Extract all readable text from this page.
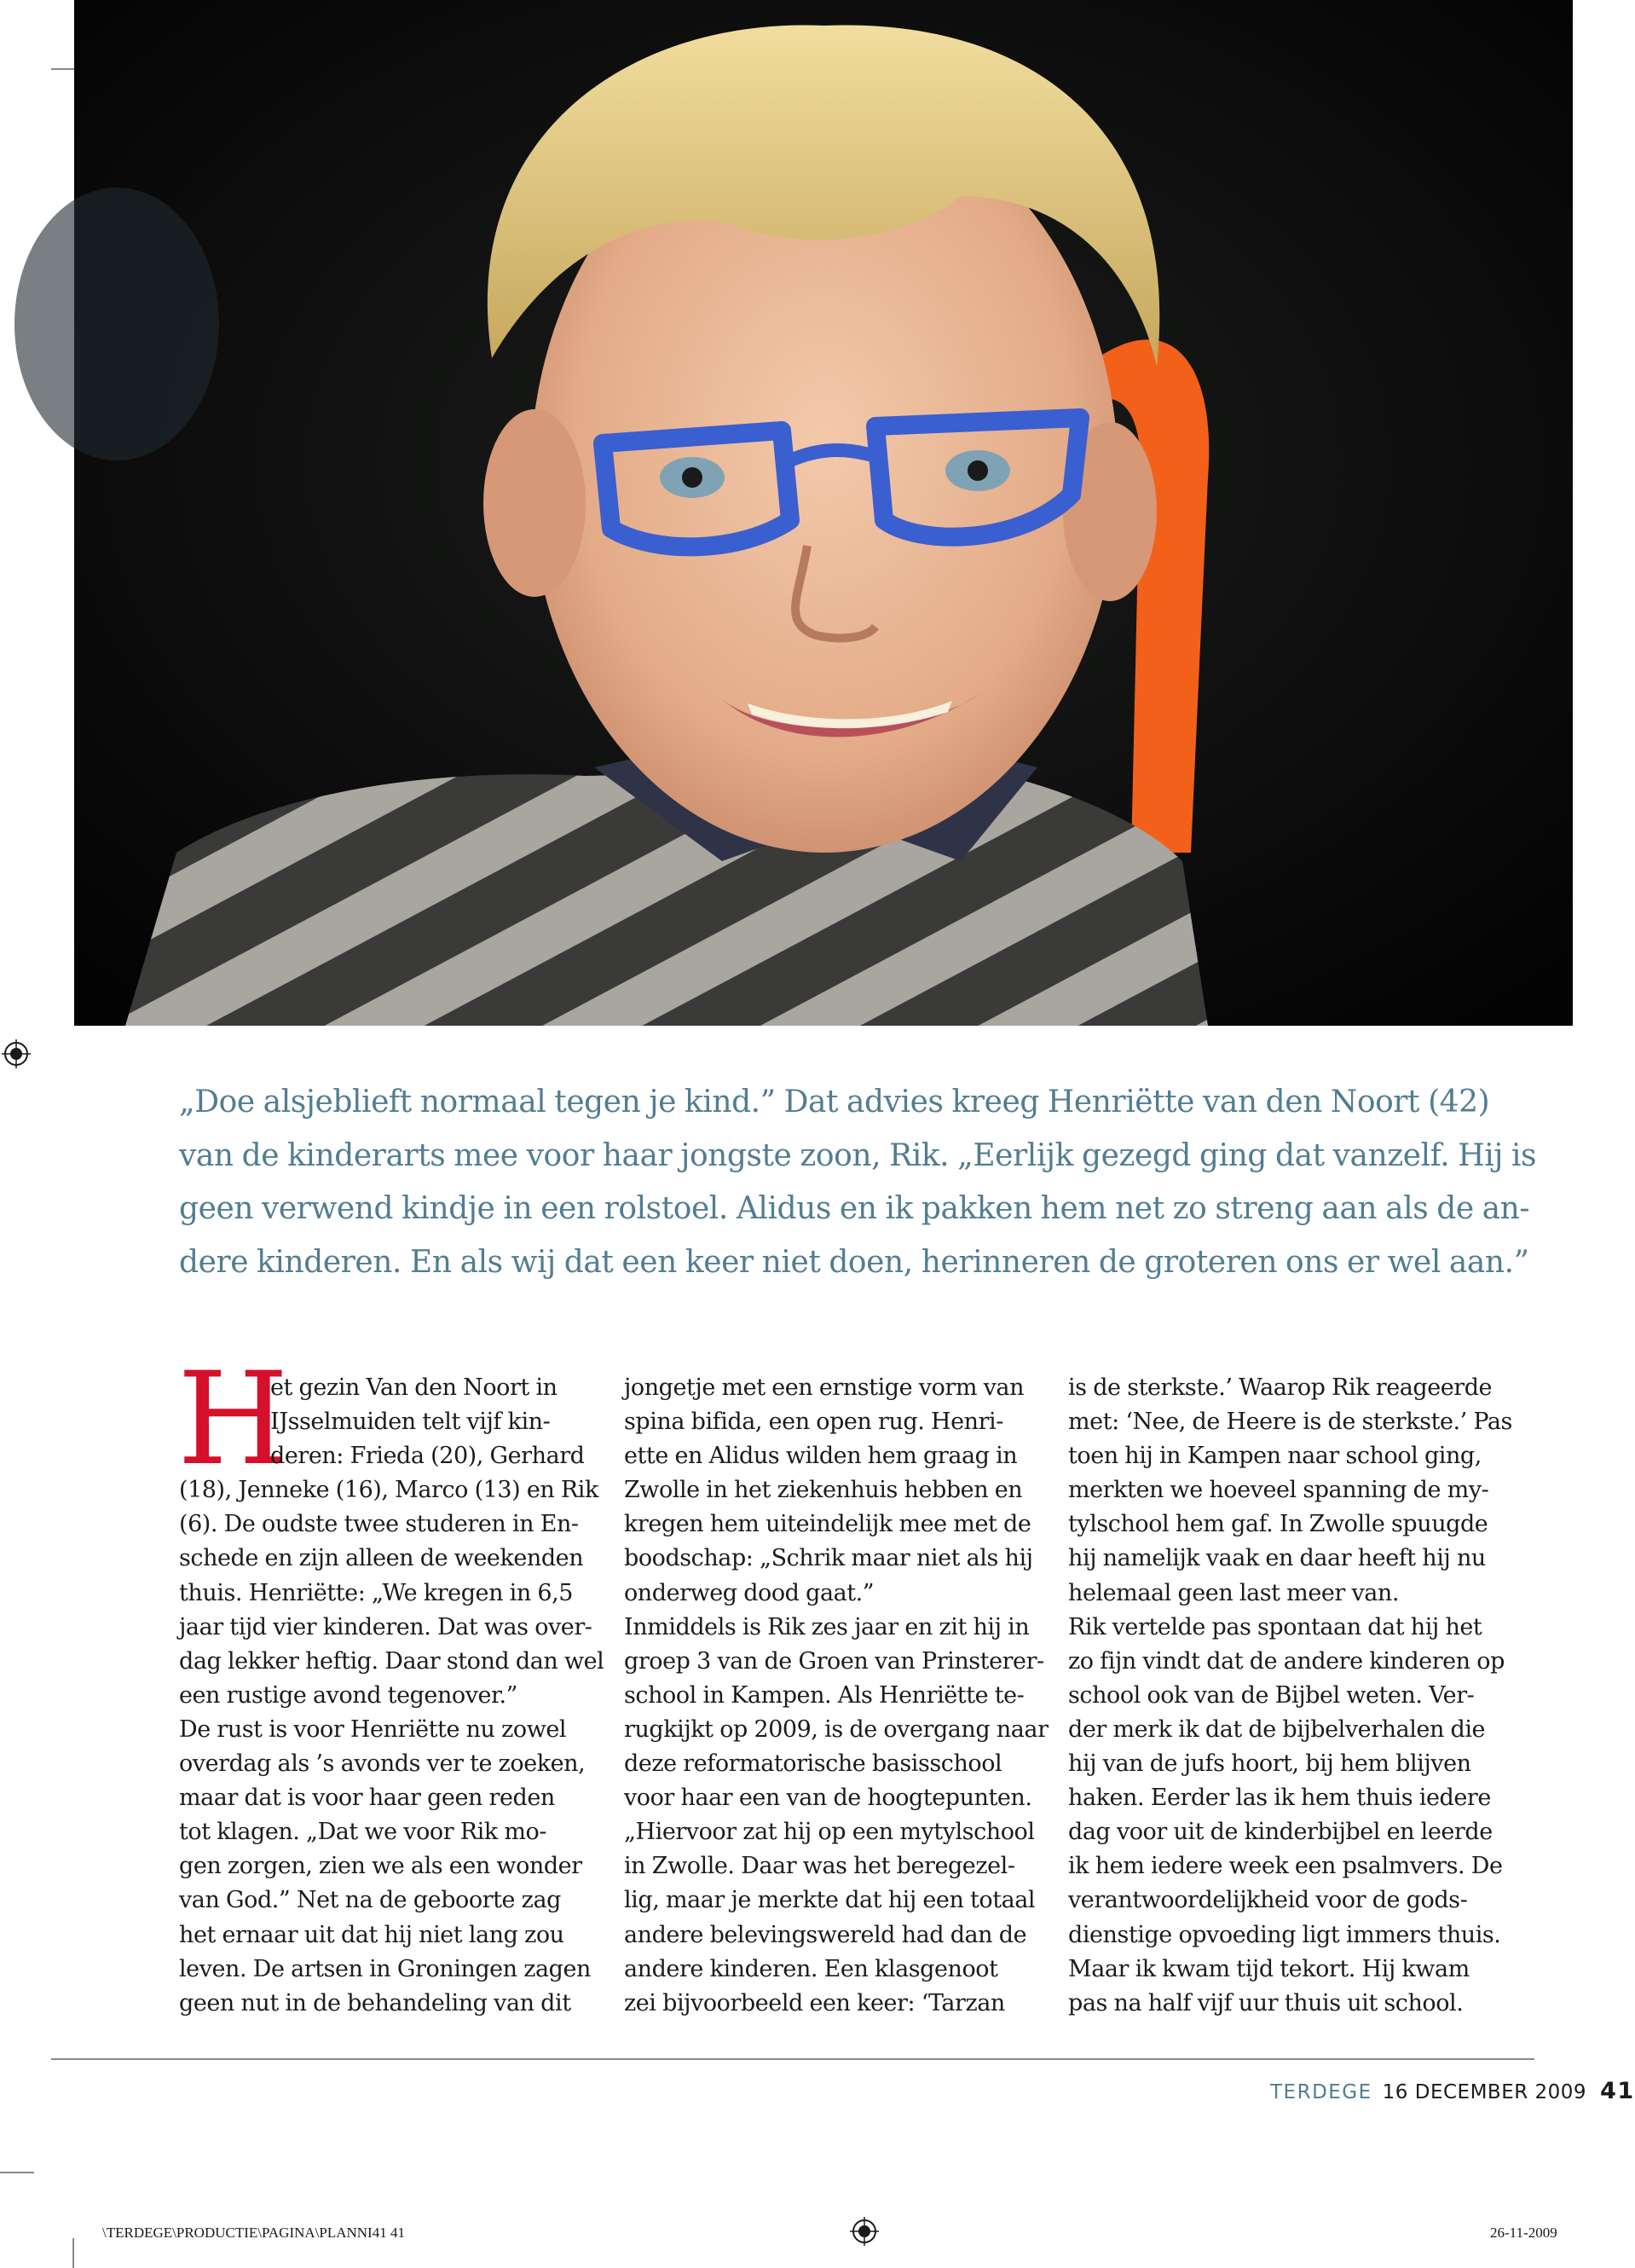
„Doe alsjeblieft normaal tegen je kind.” Dat advies kreeg Henriëtte van den Noort (42)
van de kinderarts mee voor haar jongste zoon, Rik. „Eerlijk gezegd ging dat vanzelf. Hij is
geen verwend kindje in een rolstoel. Alidus en ik pakken hem net zo streng aan als de an-
dere kinderen. En als wij dat een keer niet doen, herinneren de groteren ons er wel aan.”
H
et gezin Van den Noort in
IJsselmuiden telt vijf kin-
deren: Frieda (20), Gerhard
(18), Jenneke (16), Marco (13) en Rik
(6). De oudste twee studeren in En-
schede en zijn alleen de weekenden
thuis. Henriëtte: „We kregen in 6,5
jaar tijd vier kinderen. Dat was over-
dag lekker heftig. Daar stond dan wel
een rustige avond tegenover.”
De rust is voor Henriëtte nu zowel
overdag als ’s avonds ver te zoeken,
maar dat is voor haar geen reden
tot klagen. „Dat we voor Rik mo-
gen zorgen, zien we als een wonder
van God.” Net na de geboorte zag
het ernaar uit dat hij niet lang zou
leven. De artsen in Groningen zagen
geen nut in de behandeling van dit
jongetje met een ernstige vorm van
spina bifida, een open rug. Henri-
ette en Alidus wilden hem graag in
Zwolle in het ziekenhuis hebben en
kregen hem uiteindelijk mee met de
boodschap: „Schrik maar niet als hij
onderweg dood gaat.”
Inmiddels is Rik zes jaar en zit hij in
groep 3 van de Groen van Prinsterer-
school in Kampen. Als Henriëtte te-
rugkijkt op 2009, is de overgang naar
deze reformatorische basisschool
voor haar een van de hoogtepunten.
„Hiervoor zat hij op een mytylschool
in Zwolle. Daar was het beregezel-
lig, maar je merkte dat hij een totaal
andere belevingswereld had dan de
andere kinderen. Een klasgenoot
zei bijvoorbeeld een keer: ‘Tarzan
is de sterkste.’ Waarop Rik reageerde
met: ‘Nee, de Heere is de sterkste.’ Pas
toen hij in Kampen naar school ging,
merkten we hoeveel spanning de my-
tylschool hem gaf. In Zwolle spuugde
hij namelijk vaak en daar heeft hij nu
helemaal geen last meer van.
Rik vertelde pas spontaan dat hij het
zo fijn vindt dat de andere kinderen op
school ook van de Bijbel weten. Ver-
der merk ik dat de bijbelverhalen die
hij van de jufs hoort, bij hem blijven
haken. Eerder las ik hem thuis iedere
dag voor uit de kinderbijbel en leerde
ik hem iedere week een psalmvers. De
verantwoordelijkheid voor de gods-
dienstige opvoeding ligt immers thuis.
Maar ik kwam tijd tekort. Hij kwam
pas na half vijf uur thuis uit school.
TERDEGE 16 DECEMBER 2009 41
\TERDEGE\PRODUCTIE\PAGINA\PLANNI41 41	26-11-2009
